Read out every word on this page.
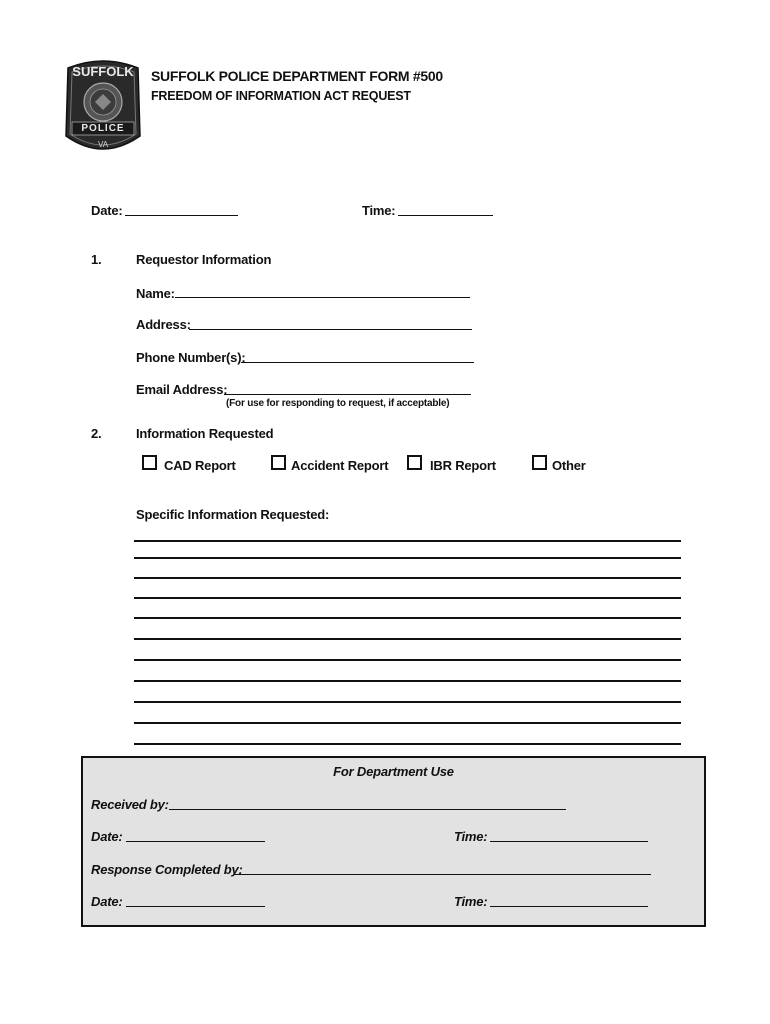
SUFFOLK
POLICE
VA
SUFFOLK POLICE DEPARTMENT FORM #500
FREEDOM OF INFORMATION ACT REQUEST
Date:	Time:
1.	Requestor Information
Name:
Address:
Phone Number(s):
Email Address:
(For use for responding to request, if acceptable)
2.	Information Requested
CAD Report	Accident Report	IBR Report	Other
Specific Information Requested:
For Department Use
Received by:
Date:	Time:
Response Completed by:
Date:	Time:
